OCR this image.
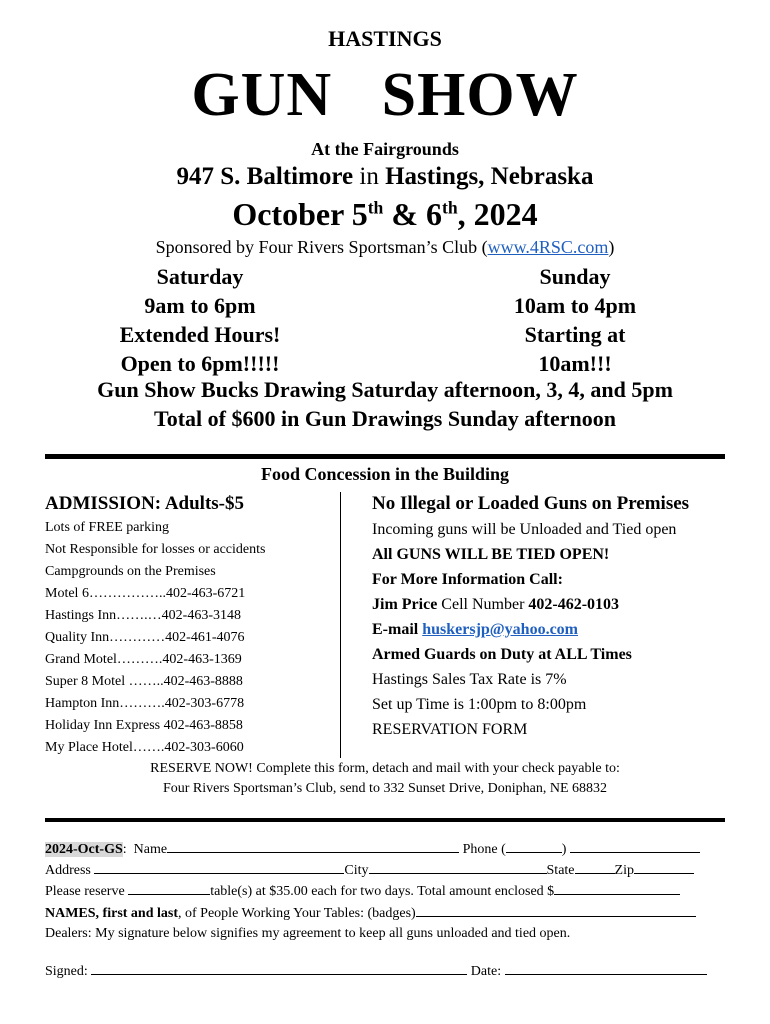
HASTINGS
GUN   SHOW
At the Fairgrounds
947 S. Baltimore in Hastings, Nebraska
October 5th & 6th, 2024
Sponsored by Four Rivers Sportsman’s Club (www.4RSC.com)
Saturday
9am to 6pm
Extended Hours!
Open to 6pm!!!!!
Sunday
10am to 4pm
Starting at
10am!!!
Gun Show Bucks Drawing Saturday afternoon, 3, 4, and 5pm
Total of $600 in Gun Drawings Sunday afternoon
Food Concession in the Building
ADMISSION: Adults-$5
Lots of FREE parking
Not Responsible for losses or accidents
Campgrounds on the Premises
Motel 6……………..402-463-6721
Hastings Inn…….…402-463-3148
Quality Inn…………402-461-4076
Grand Motel……….402-463-1369
Super 8 Motel ……..402-463-8888
Hampton Inn……….402-303-6778
Holiday Inn Express 402-463-8858
My Place Hotel…….402-303-6060
No Illegal or Loaded Guns on Premises
Incoming guns will be Unloaded and Tied open
All GUNS WILL BE TIED OPEN!
For More Information Call:
Jim Price Cell Number 402-462-0103
E-mail huskersjp@yahoo.com
Armed Guards on Duty at ALL Times
Hastings Sales Tax Rate is 7%
Set up Time is 1:00pm to 8:00pm
RESERVATION FORM
RESERVE NOW! Complete this form, detach and mail with your check payable to:
Four Rivers Sportsman’s Club, send to 332 Sunset Drive, Doniphan, NE 68832
2024-Oct-GS:  Name	Phone (	)
Address	City	State	Zip
Please reserve	table(s) at $35.00 each for two days. Total amount enclosed $
NAMES, first and last, of People Working Your Tables: (badges)
Dealers: My signature below signifies my agreement to keep all guns unloaded and tied open.
Signed:	Date:
